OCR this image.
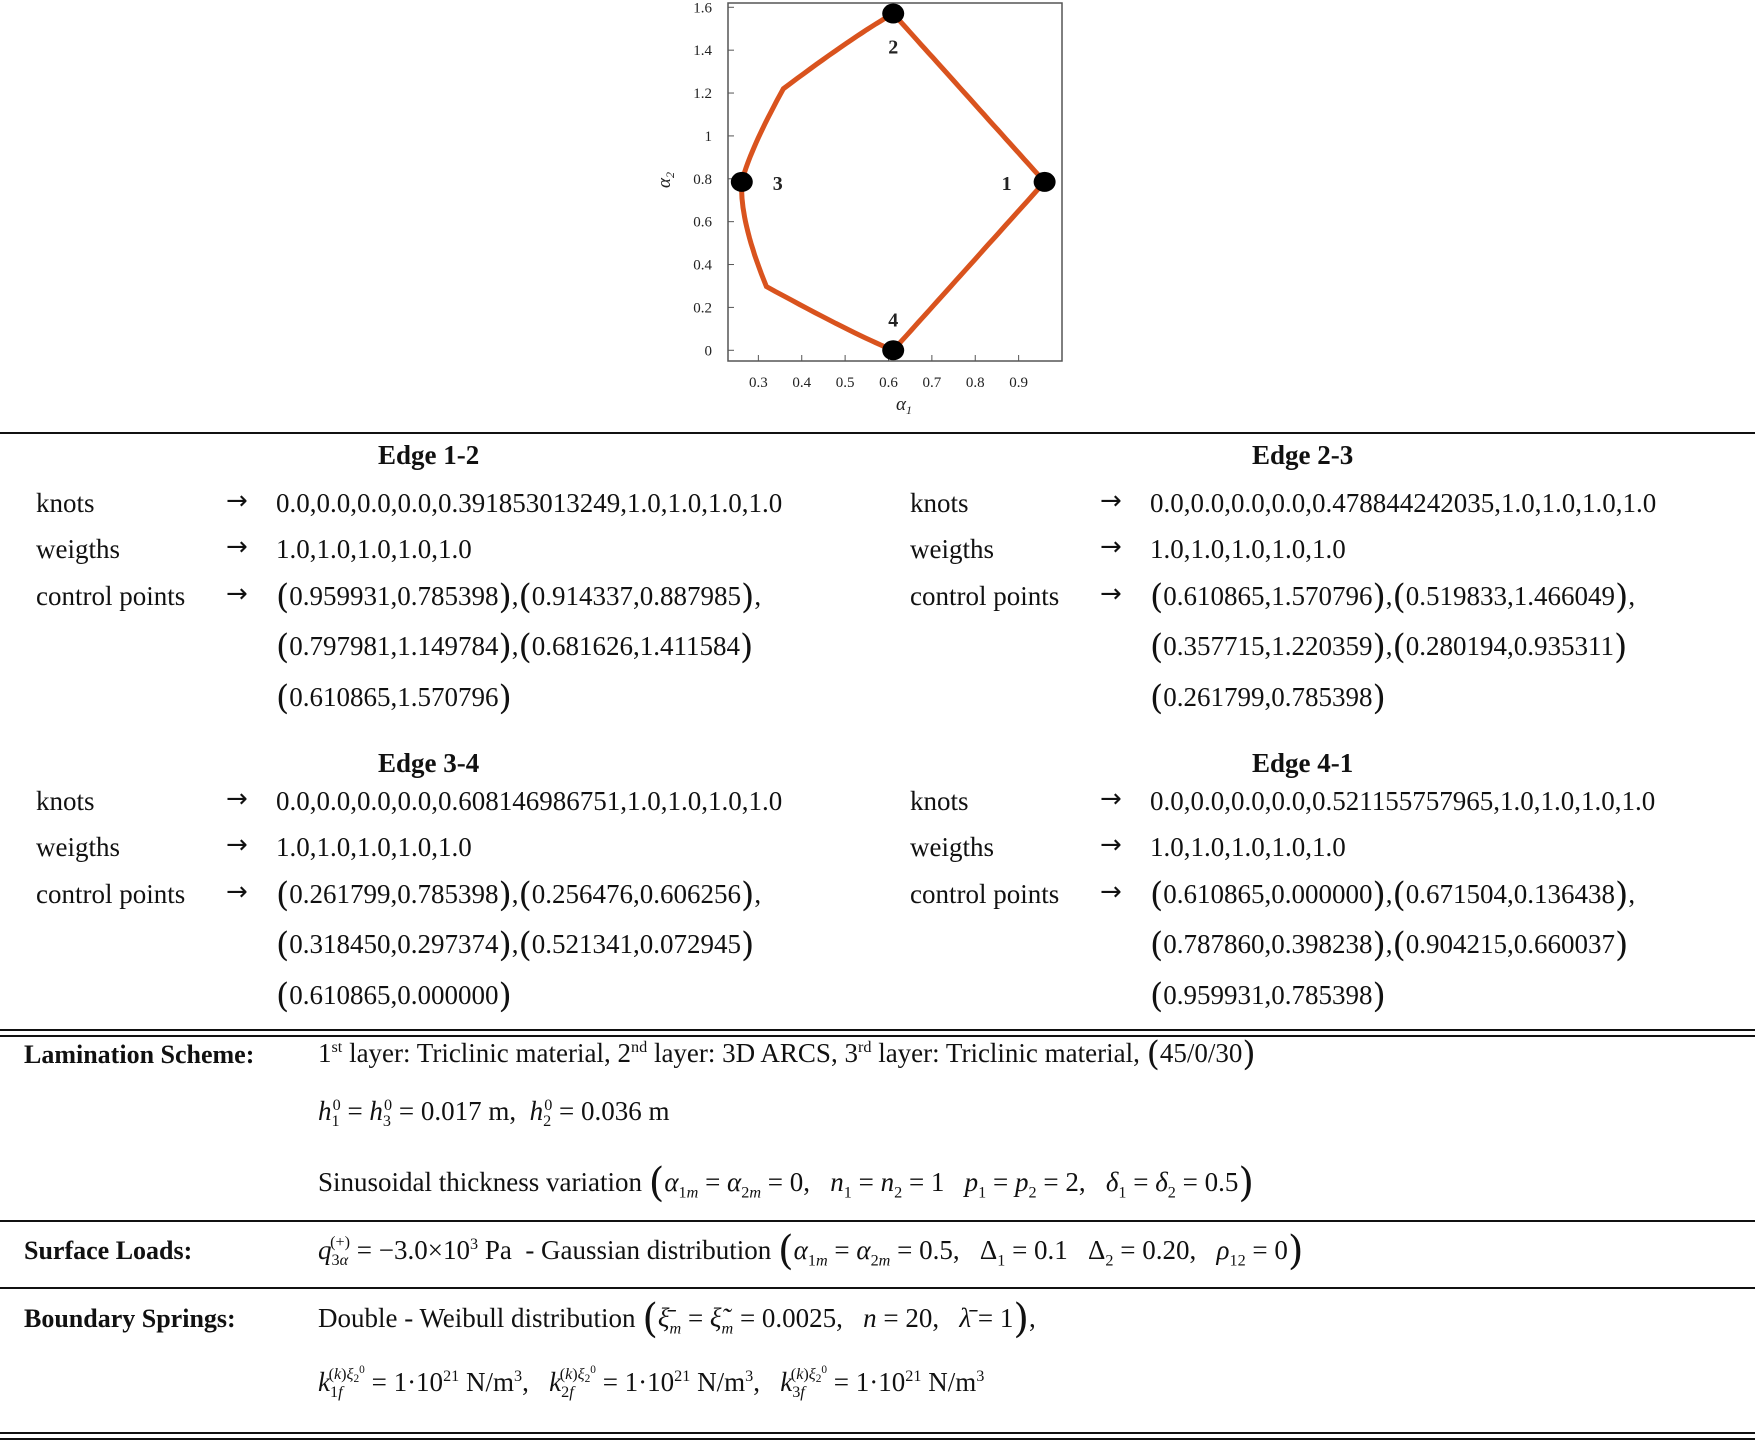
0.3 0.4 0.5 0.6 0.7 0.8 0.9
0
0.2
0.4
0.6
0.8
1
1.2
1.4
1.6
1
2
3
4
$\alpha_1$
$\alpha_2$
Edge 1-2
knots	→ 0.0,0.0,0.0,0.0,0.391853013249,1.0,1.0,1.0,1.0
weigths	→ 1.0,1.0,1.0,1.0,1.0
control points → (0.959931,0.785398),(0.914337,0.887985),
(0.797981,1.149784),(0.681626,1.411584)
(0.610865,1.570796)
Edge 2-3
knots	→ 0.0,0.0,0.0,0.0,0.478844242035,1.0,1.0,1.0,1.0
weigths	→ 1.0,1.0,1.0,1.0,1.0
control points → (0.610865,1.570796),(0.519833,1.466049),
(0.357715,1.220359),(0.280194,0.935311)
(0.261799,0.785398)
Edge 3-4
knots	→ 0.0,0.0,0.0,0.0,0.608146986751,1.0,1.0,1.0,1.0
weigths	→ 1.0,1.0,1.0,1.0,1.0
control points → (0.261799,0.785398),(0.256476,0.606256),
(0.318450,0.297374),(0.521341,0.072945)
(0.610865,0.000000)
Edge 4-1
knots	→ 0.0,0.0,0.0,0.0,0.521155757965,1.0,1.0,1.0,1.0
weigths	→ 1.0,1.0,1.0,1.0,1.0
control points → (0.610865,0.000000),(0.671504,0.136438),
(0.787860,0.398238),(0.904215,0.660037)
(0.959931,0.785398)
Lamination Scheme: 1st layer: Triclinic material, 2nd layer: 3D ARCS, 3rd layer: Triclinic material, (45/0/30)
$h_1^0 = h_3^0 = 0.017$ m, $h_2^0 = 0.036$ m
Sinusoidal thickness variation ($\alpha_{1m} = \alpha_{2m} = 0$, $n_1 = n_2 = 1$ $p_1 = p_2 = 2$, $\delta_1 = \delta_2 = 0.5$)
Surface Loads:	$q_{3\alpha}^{(+)} = -3.0\times 10^3$ Pa - Gaussian distribution ($\alpha_{1m} = \alpha_{2m} = 0.5$,   $\Delta_1 = 0.1$   $\Delta_2 = 0.20$, $\rho_{12} = 0$)
Boundary Springs:	Double - Weibull distribution ($\xī_m$ = $\xĩ_m = 0.0025$, n = 20, λ̄ = 1),
$k_{1f}^{(k)\xi 2^0} = 1\cdot 10^{21}$ $N/m^3$,   $k_{2f}^{(k)\xi 2^0} = 1\cdot 10^{21}$ $N/m^3$,   $k_{3f}^{(k)\xi 2^0} = 1\cdot 10^{21}$ $N/m^3$
